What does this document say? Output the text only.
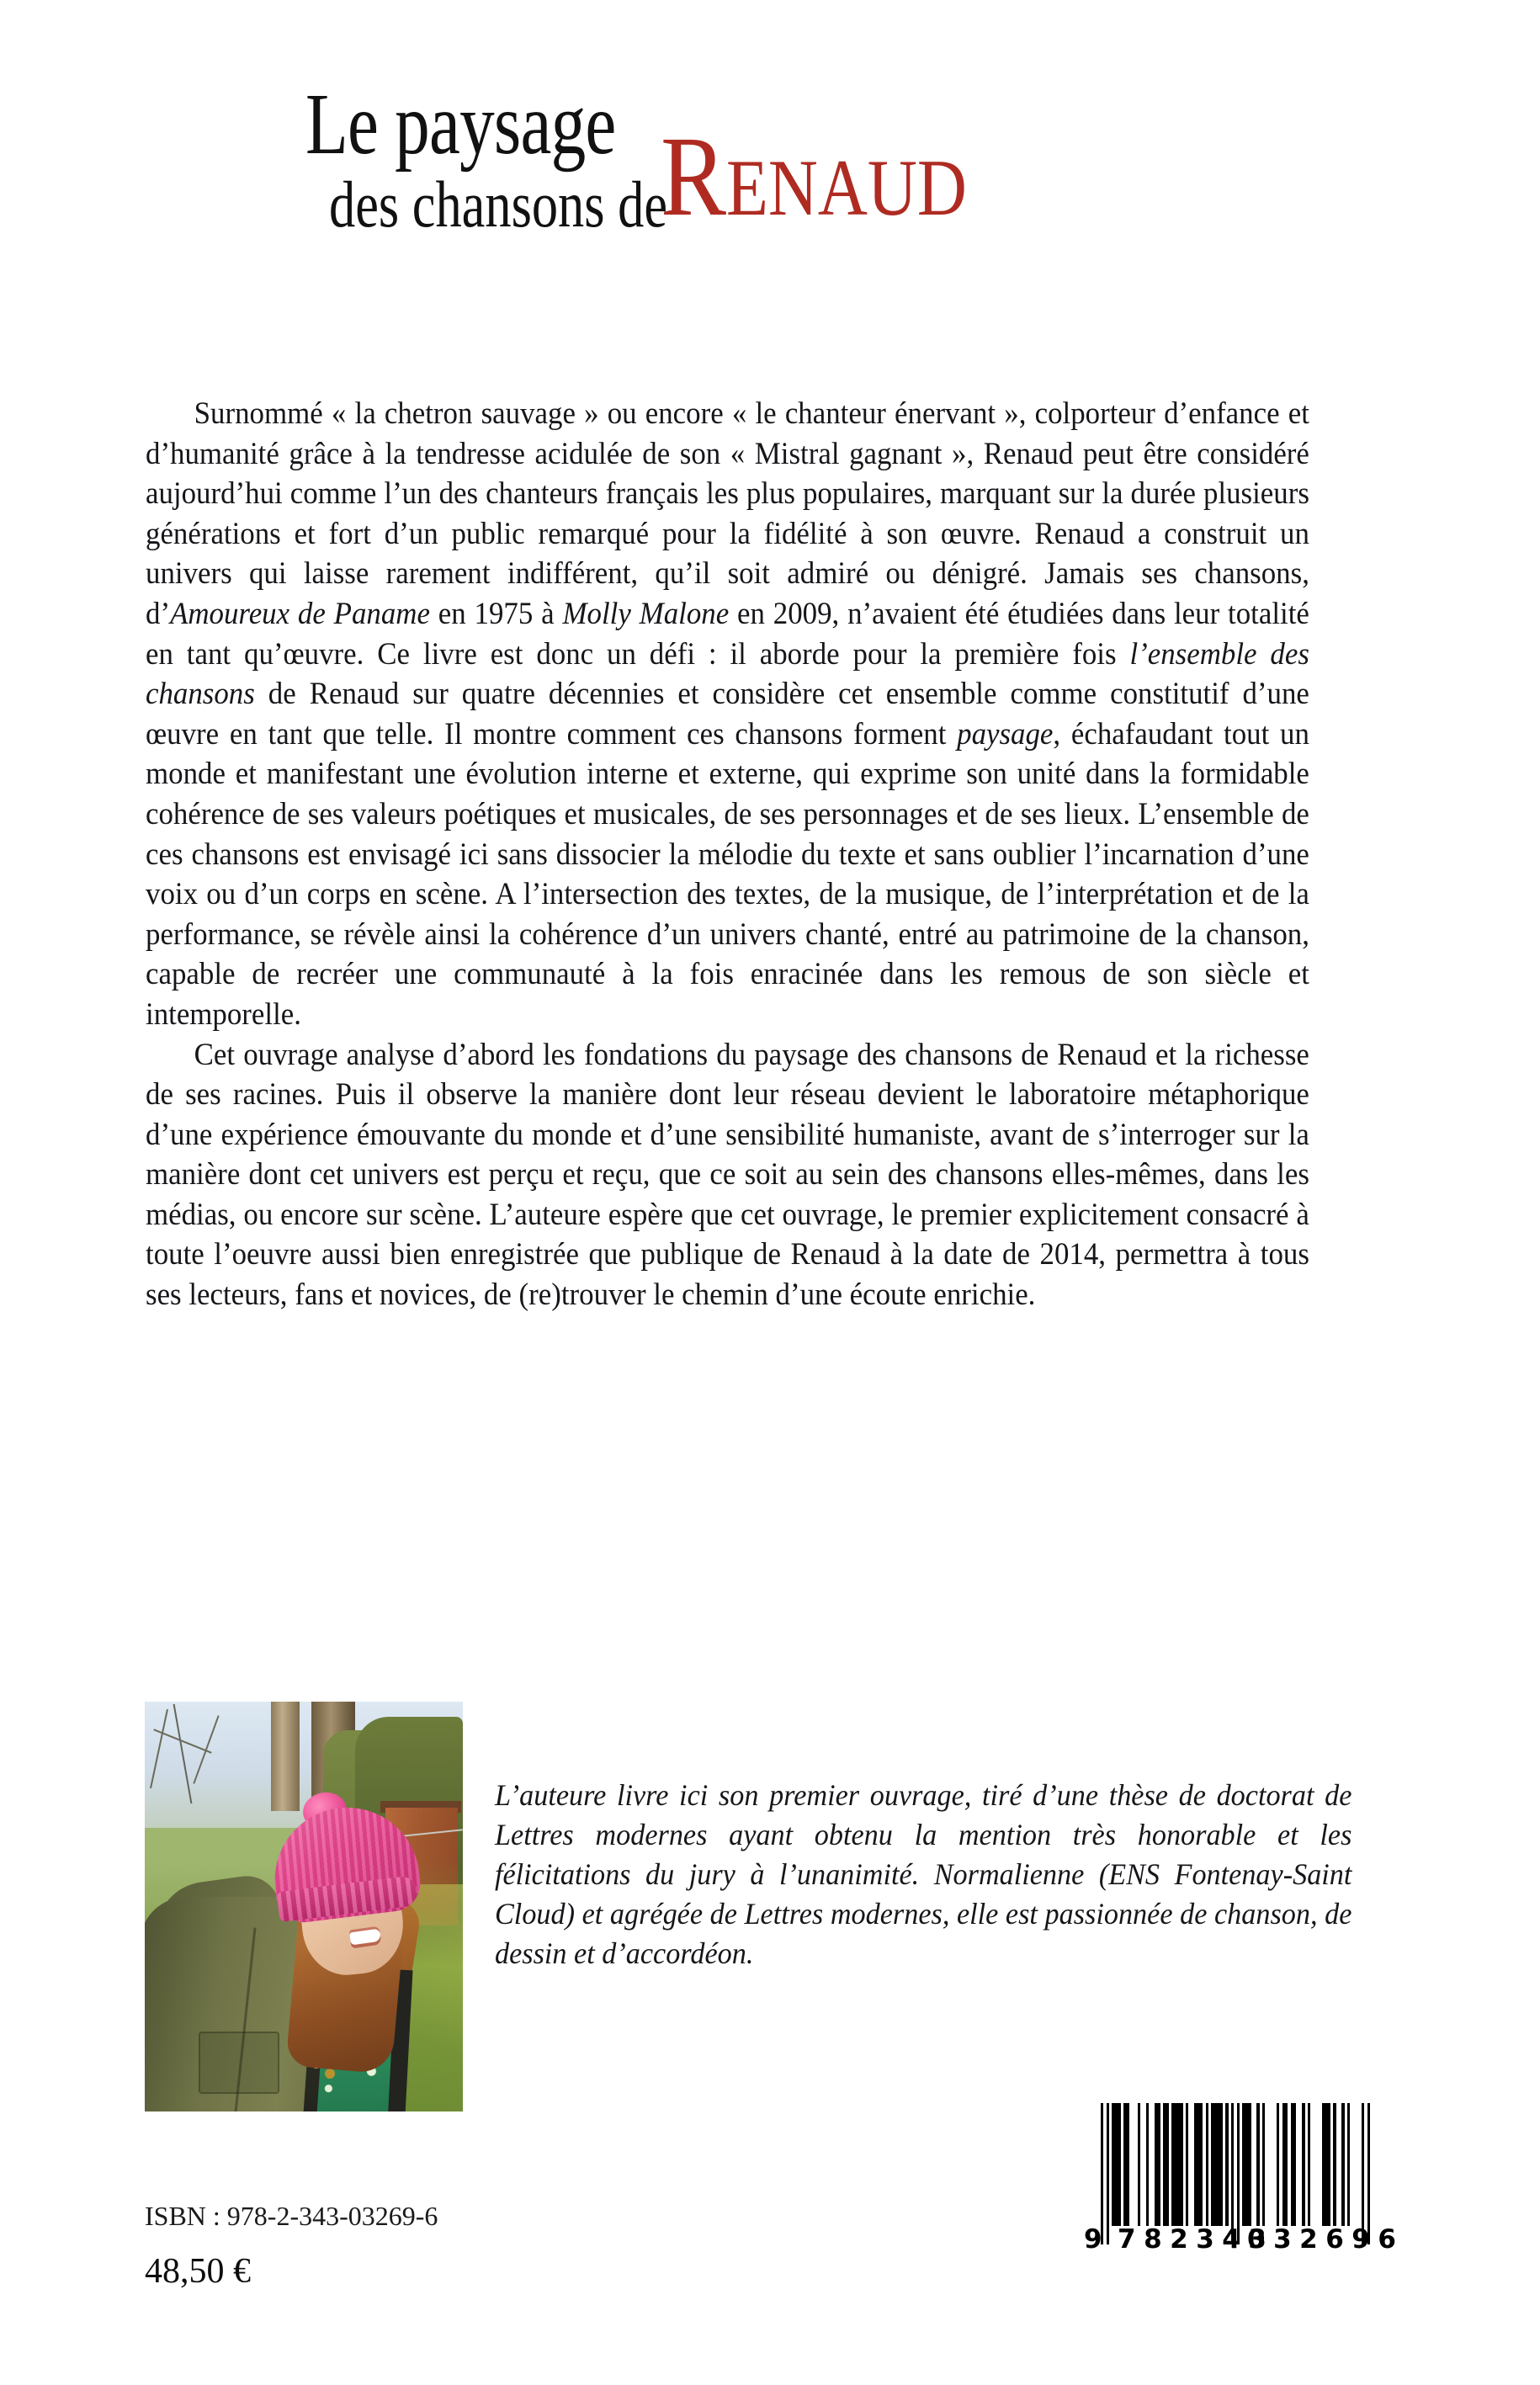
Le paysage
des chansons de
Renaud

Surnommé « la chetron sauvage » ou encore « le chanteur énervant », colporteur d’enfance et d’humanité grâce à la tendresse acidulée de son « Mistral gagnant », Renaud peut être considéré aujourd’hui comme l’un des chanteurs français les plus populaires, marquant sur la durée plusieurs générations et fort d’un public remarqué pour la fidélité à son œuvre. Renaud a construit un univers qui laisse rarement indifférent, qu’il soit admiré ou dénigré. Jamais ses chansons, d’Amoureux de Paname en 1975 à Molly Malone en 2009, n’avaient été étudiées dans leur totalité en tant qu’œuvre. Ce livre est donc un défi : il aborde pour la première fois l’ensemble des chansons de Renaud sur quatre décennies et considère cet ensemble comme constitutif d’une œuvre en tant que telle. Il montre comment ces chansons forment paysage, échafaudant tout un monde et manifestant une évolution interne et externe, qui exprime son unité dans la formidable cohérence de ses valeurs poétiques et musicales, de ses personnages et de ses lieux. L’ensemble de ces chansons est envisagé ici sans dissocier la mélodie du texte et sans oublier l’incarnation d’une voix ou d’un corps en scène. A l’intersection des textes, de la musique, de l’interprétation et de la performance, se révèle ainsi la cohérence d’un univers chanté, entré au patrimoine de la chanson, capable de recréer une communauté à la fois enracinée dans les remous de son siècle et intemporelle.

Cet ouvrage analyse d’abord les fondations du paysage des chansons de Renaud et la richesse de ses racines. Puis il observe la manière dont leur réseau devient le laboratoire métaphorique d’une expérience émouvante du monde et d’une sensibilité humaniste, avant de s’interroger sur la manière dont cet univers est perçu et reçu, que ce soit au sein des chansons elles-mêmes, dans les médias, ou encore sur scène. L’auteure espère que cet ouvrage, le premier explicitement consacré à toute l’oeuvre aussi bien enregistrée que publique de Renaud à la date de 2014, permettra à tous ses lecteurs, fans et novices, de (re)trouver le chemin d’une écoute enrichie.

L’auteure livre ici son premier ouvrage, tiré d’une thèse de doctorat de Lettres modernes ayant obtenu la mention très honorable et les félicitations du jury à l’unanimité. Normalienne (ENS Fontenay-Saint Cloud) et agrégée de Lettres modernes, elle est passionnée de chanson, de dessin et d’accordéon.

ISBN : 978-2-343-03269-6
48,50 €
9 782343
032696
